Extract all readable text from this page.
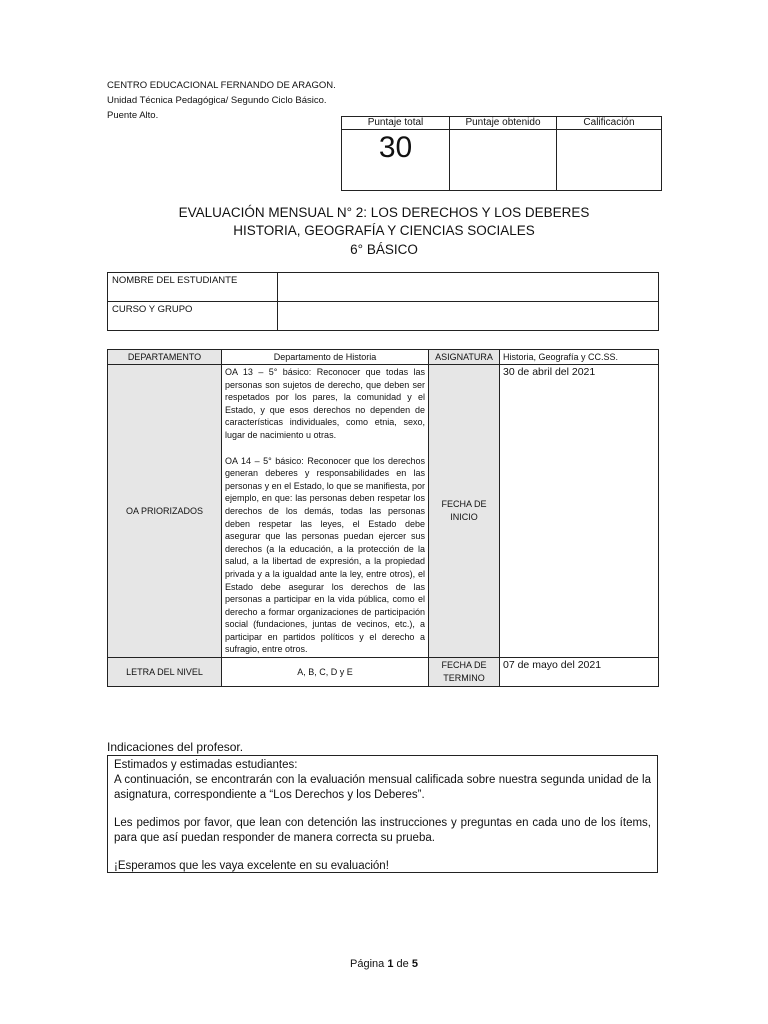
CENTRO EDUCACIONAL FERNANDO DE ARAGON.
Unidad Técnica Pedagógica/ Segundo Ciclo Básico.
Puente Alto.
Puntaje total	Puntaje obtenido	Calificación
30		
EVALUACIÓN MENSUAL N° 2: LOS DERECHOS Y LOS DEBERES
HISTORIA, GEOGRAFÍA Y CIENCIAS SOCIALES
6° BÁSICO
NOMBRE DEL ESTUDIANTE	
CURSO Y GRUPO	
DEPARTAMENTO	Departamento de Historia	ASIGNATURA	Historia, Geografía y CC.SS.
OA PRIORIZADOS	OA 13 – 5° básico: Reconocer que todas las personas son sujetos de derecho, que deben ser respetados por los pares, la comunidad y el Estado, y que esos derechos no dependen de características individuales, como etnia, sexo, lugar de nacimiento u otras.

OA 14 – 5° básico: Reconocer que los derechos generan deberes y responsabilidades en las personas y en el Estado, lo que se manifiesta, por ejemplo, en que: las personas deben respetar los derechos de los demás, todas las personas deben respetar las leyes, el Estado debe asegurar que las personas puedan ejercer sus derechos (a la educación, a la protección de la salud, a la libertad de expresión, a la propiedad privada y a la igualdad ante la ley, entre otros), el Estado debe asegurar los derechos de las personas a participar en la vida pública, como el derecho a formar organizaciones de participación social (fundaciones, juntas de vecinos, etc.), a participar en partidos políticos y el derecho a sufragio, entre otros.	FECHA DE INICIO	30 de abril del 2021
LETRA DEL NIVEL	A, B, C, D y E	FECHA DE TERMINO	07 de mayo del 2021
Indicaciones del profesor.
Estimados y estimadas estudiantes:

A continuación, se encontrarán con la evaluación mensual calificada sobre nuestra segunda unidad de la asignatura, correspondiente a “Los Derechos y los Deberes”.

Les pedimos por favor, que lean con detención las instrucciones y preguntas en cada uno de los ítems, para que así puedan responder de manera correcta su prueba.

¡Esperamos que les vaya excelente en su evaluación!

Página 1 de 5
